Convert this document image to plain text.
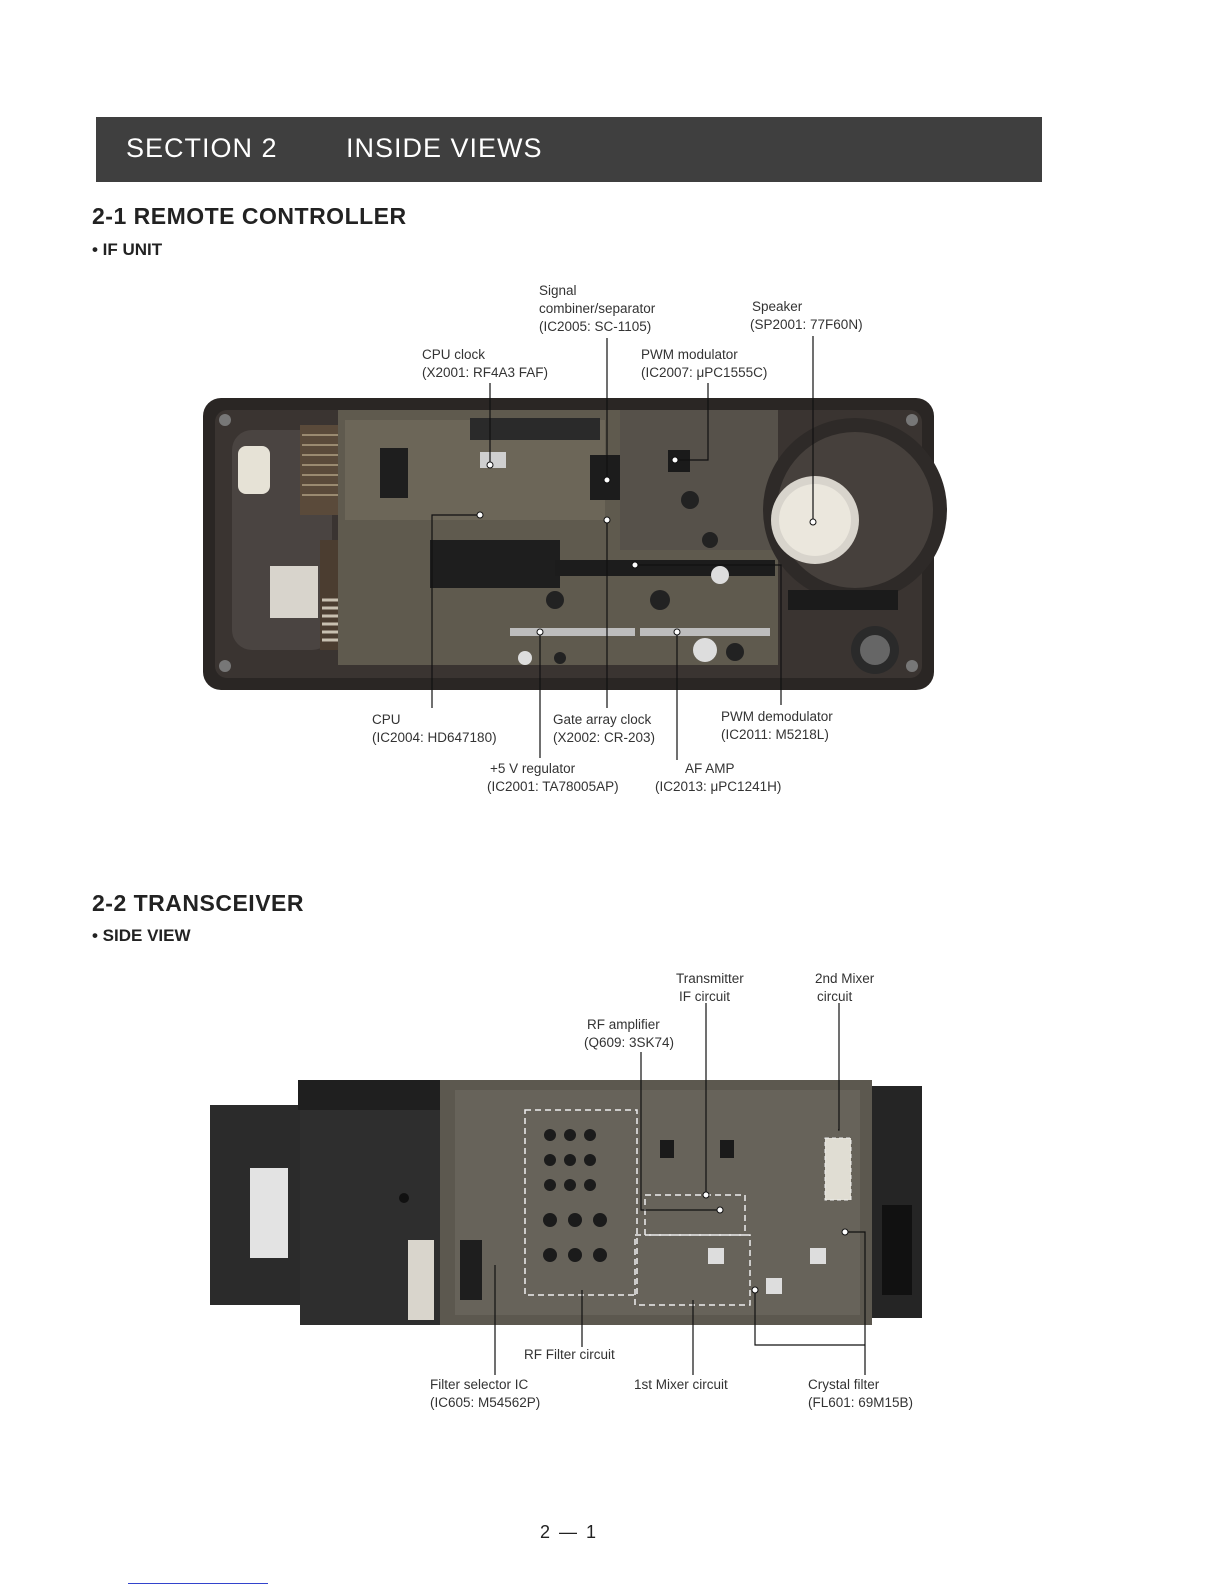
SECTION 2	INSIDE VIEWS
2-1 REMOTE CONTROLLER
• IF UNIT
Signal
combiner/separator
(IC2005: SC-1105)
Speaker
(SP2001: 77F60N)
CPU clock
(X2001: RF4A3 FAF)
PWM modulator
(IC2007: μPC1555C)
CPU
(IC2004: HD647180)
Gate array clock
(X2002: CR-203)
PWM demodulator
(IC2011: M5218L)
+5 V regulator
(IC2001: TA78005AP)
AF AMP
(IC2013: μPC1241H)
2-2 TRANSCEIVER
• SIDE VIEW
Transmitter
IF circuit
2nd Mixer
circuit
RF amplifier
(Q609: 3SK74)
RF Filter circuit
Filter selector IC
(IC605: M54562P)
1st Mixer circuit	Crystal filter
(FL601: 69M15B)
2 — 1
